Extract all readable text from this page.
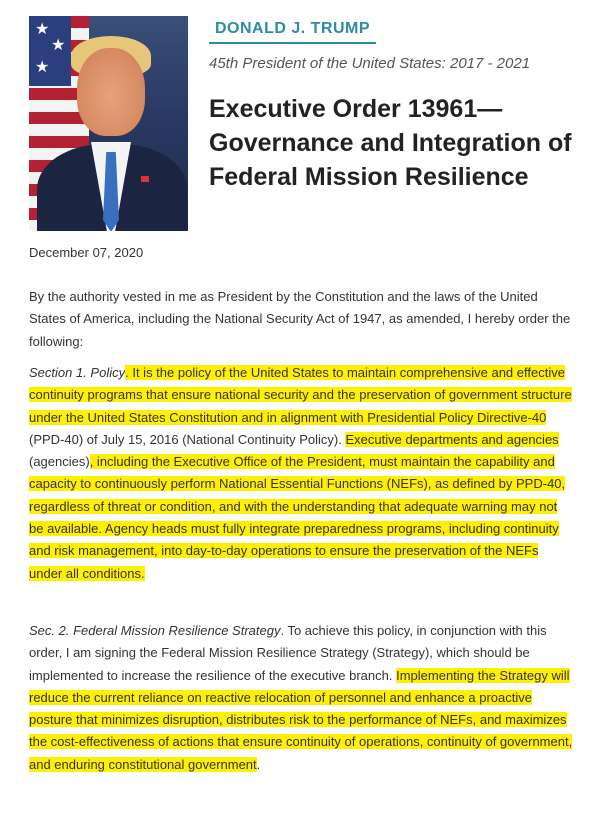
★
★
★
DONALD J. TRUMP
45th President of the United States: 2017 - 2021
Executive Order 13961—Governance and Integration of Federal Mission Resilience
December 07, 2020

By the authority vested in me as President by the Constitution and the laws of the United States of America, including the National Security Act of 1947, as amended, I hereby order the following:

Section 1. Policy. It is the policy of the United States to maintain comprehensive and effective continuity programs that ensure national security and the preservation of government structure under the United States Constitution and in alignment with Presidential Policy Directive-40 (PPD-40) of July 15, 2016 (National Continuity Policy). Executive departments and agencies (agencies), including the Executive Office of the President, must maintain the capability and capacity to continuously perform National Essential Functions (NEFs), as defined by PPD-40, regardless of threat or condition, and with the understanding that adequate warning may not be available. Agency heads must fully integrate preparedness programs, including continuity and risk management, into day-to-day operations to ensure the preservation of the NEFs under all conditions.

Sec. 2. Federal Mission Resilience Strategy. To achieve this policy, in conjunction with this order, I am signing the Federal Mission Resilience Strategy (Strategy), which should be implemented to increase the resilience of the executive branch. Implementing the Strategy will reduce the current reliance on reactive relocation of personnel and enhance a proactive posture that minimizes disruption, distributes risk to the performance of NEFs, and maximizes the cost-effectiveness of actions that ensure continuity of operations, continuity of government, and enduring constitutional government.
